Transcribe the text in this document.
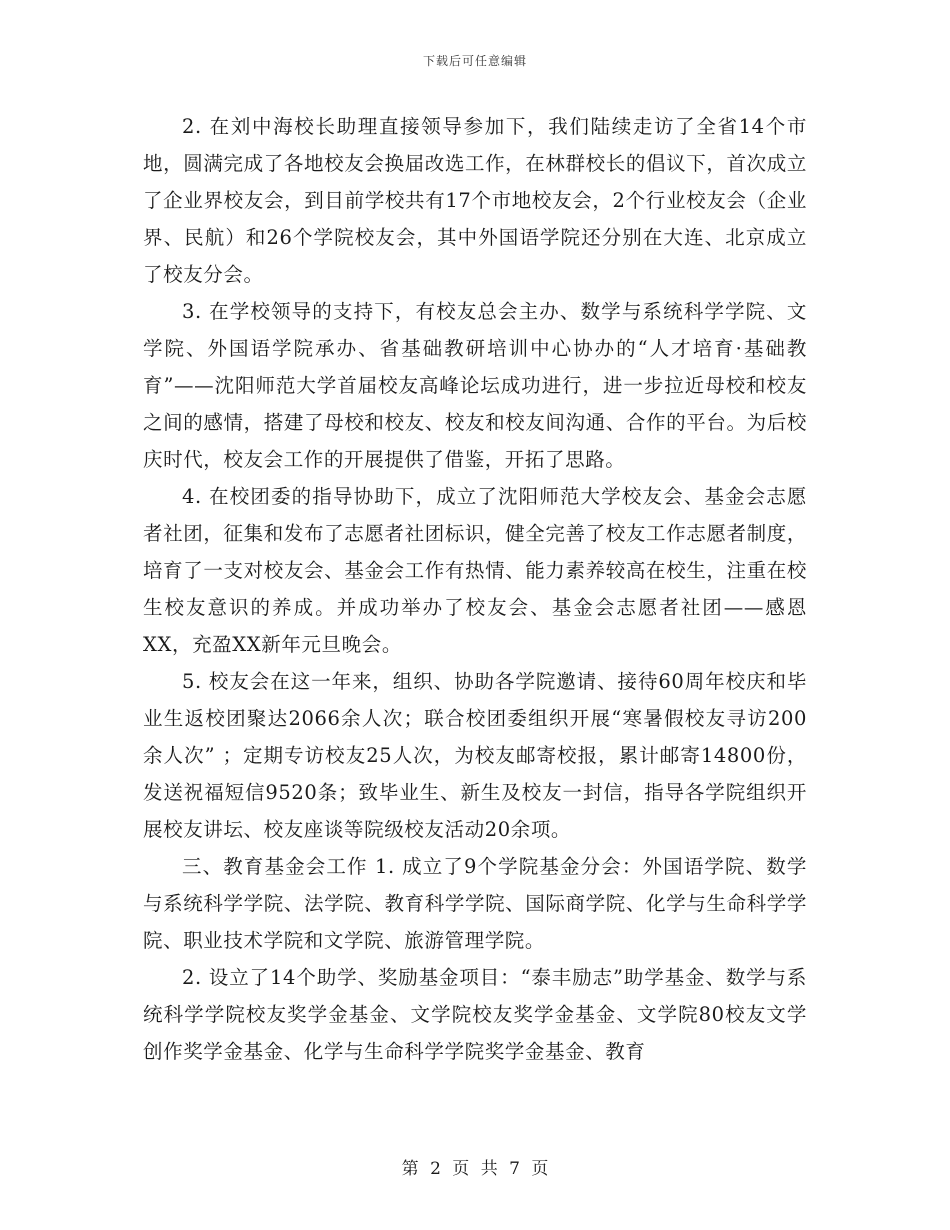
下载后可任意编辑

2. 在刘中海校长助理直接领导参加下，我们陆续走访了全省14个市地，圆满完成了各地校友会换届改选工作，在林群校长的倡议下，首次成立了企业界校友会，到目前学校共有17个市地校友会，2个行业校友会（企业界、民航）和26个学院校友会，其中外国语学院还分别在大连、北京成立了校友分会。

3. 在学校领导的支持下，有校友总会主办、数学与系统科学学院、文学院、外国语学院承办、省基础教研培训中心协办的“人才培育·基础教育”——沈阳师范大学首届校友高峰论坛成功进行，进一步拉近母校和校友之间的感情，搭建了母校和校友、校友和校友间沟通、合作的平台。为后校庆时代，校友会工作的开展提供了借鉴，开拓了思路。

4. 在校团委的指导协助下，成立了沈阳师范大学校友会、基金会志愿者社团，征集和发布了志愿者社团标识，健全完善了校友工作志愿者制度，培育了一支对校友会、基金会工作有热情、能力素养较高在校生，注重在校生校友意识的养成。并成功举办了校友会、基金会志愿者社团——感恩XX，充盈XX新年元旦晚会。

5. 校友会在这一年来，组织、协助各学院邀请、接待60周年校庆和毕业生返校团聚达2066余人次；联合校团委组织开展“寒暑假校友寻访200余人次” ；定期专访校友25人次，为校友邮寄校报，累计邮寄14800份，发送祝福短信9520条；致毕业生、新生及校友一封信，指导各学院组织开展校友讲坛、校友座谈等院级校友活动20余项。

三、教育基金会工作 1. 成立了9个学院基金分会：外国语学院、数学与系统科学学院、法学院、教育科学学院、国际商学院、化学与生命科学学院、职业技术学院和文学院、旅游管理学院。

2. 设立了14个助学、奖励基金项目：“泰丰励志”助学基金、数学与系统科学学院校友奖学金基金、文学院校友奖学金基金、文学院80校友文学创作奖学金基金、化学与生命科学学院奖学金基金、教育

第 2 页 共 7 页
